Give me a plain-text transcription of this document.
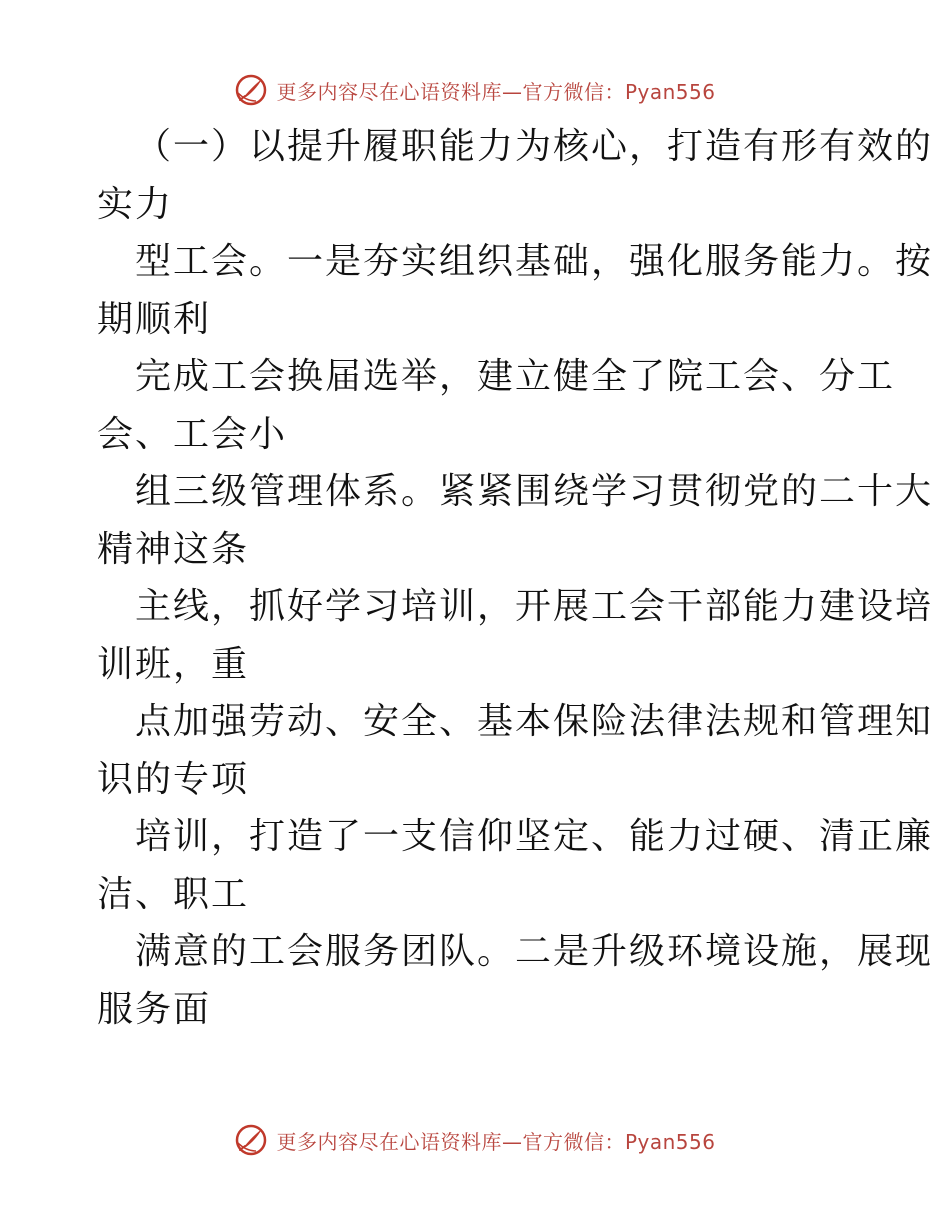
更多内容尽在心语资料库—官方微信：Pyan556
（一）以提升履职能力为核心，打造有形有效的
实力
型工会。一是夯实组织基础，强化服务能力。按
期顺利
完成工会换届选举，建立健全了院工会、分工
会、工会小
组三级管理体系。紧紧围绕学习贯彻党的二十大
精神这条
主线，抓好学习培训，开展工会干部能力建设培
训班，重
点加强劳动、安全、基本保险法律法规和管理知
识的专项
培训，打造了一支信仰坚定、能力过硬、清正廉
洁、职工
满意的工会服务团队。二是升级环境设施，展现
服务面
更多内容尽在心语资料库—官方微信：Pyan556
